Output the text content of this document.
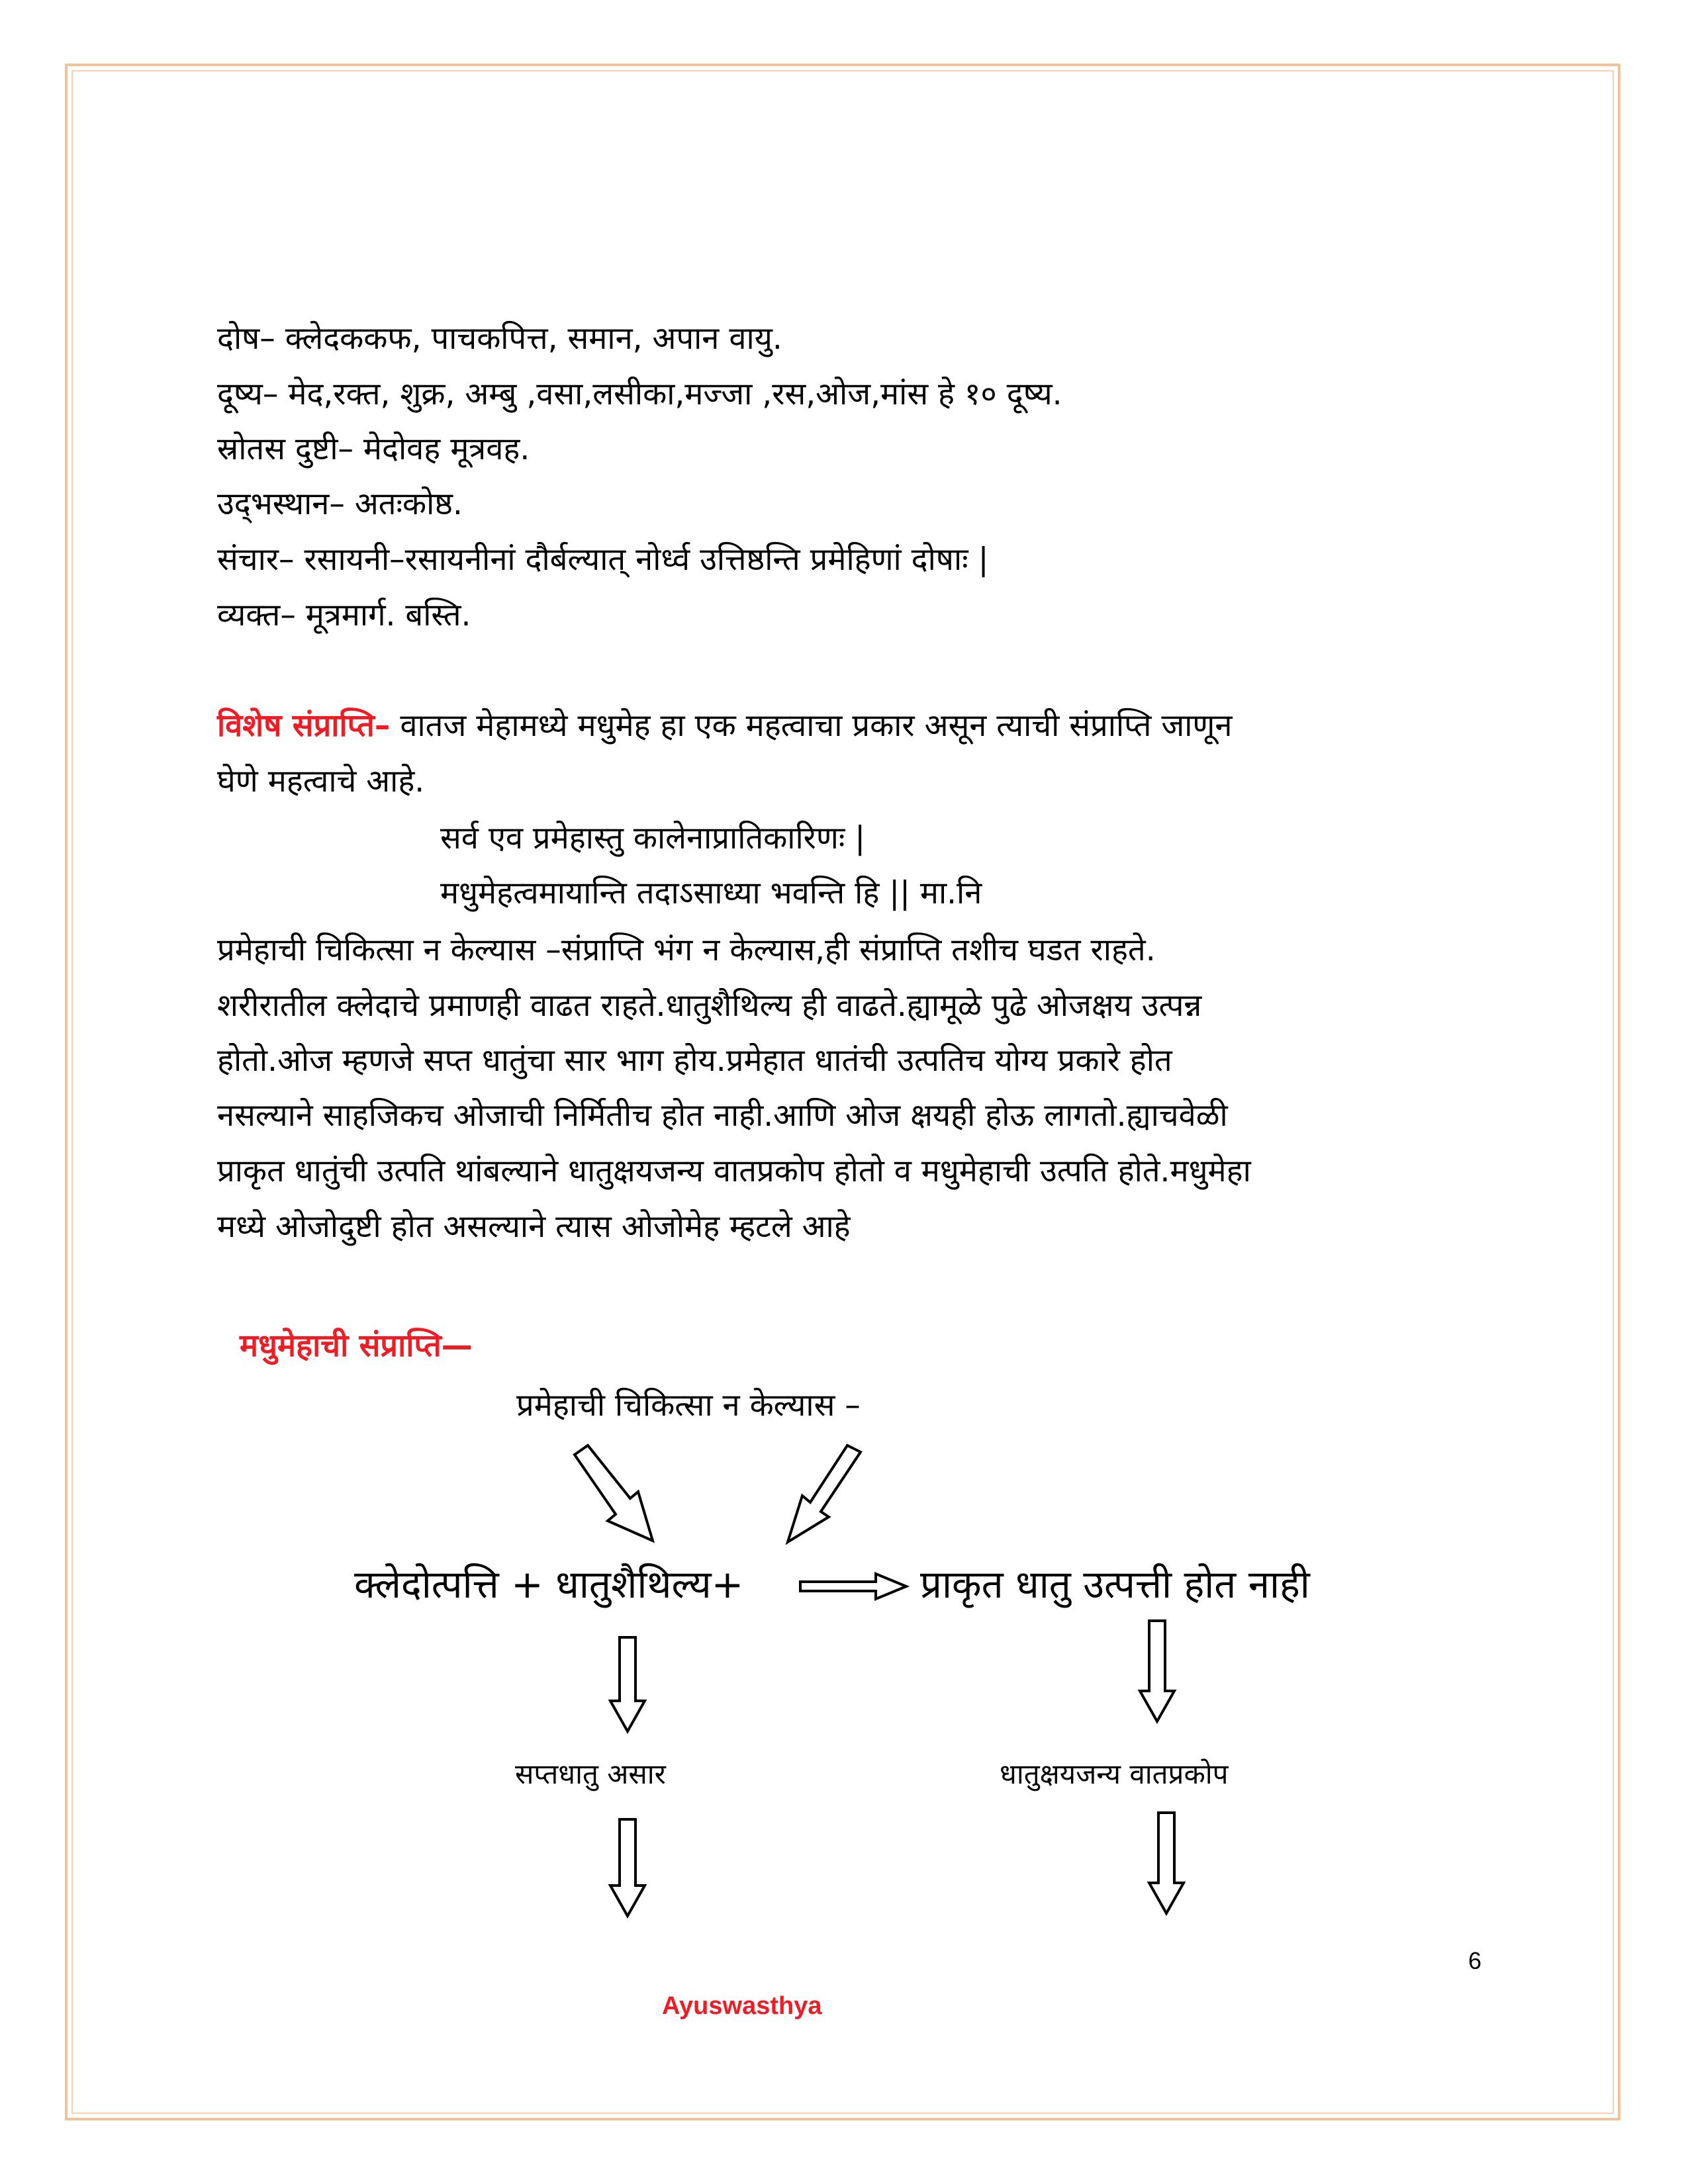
दोष– क्लेदककफ, पाचकपित्त, समान, अपान वायु.
दूष्य– मेद,रक्त, शुक्र, अम्बु ,वसा,लसीका,मज्जा ,रस,ओज,मांस हे १० दूष्य.
स्रोतस दुष्टी– मेदोवह मूत्रवह.
उद्‌भस्थान– अतःकोष्ठ.
संचार– रसायनी–रसायनीनां दौर्बल्यात् नोर्ध्व उत्तिष्ठन्ति प्रमेहिणां दोषाः |
व्यक्त– मूत्रमार्ग. बस्ति.
विशेष संप्राप्ति– वातज मेहामध्ये मधुमेह हा एक महत्वाचा प्रकार असून त्याची संप्राप्ति जाणून
घेणे महत्वाचे आहे.
सर्व एव प्रमेहास्तु कालेनाप्रातिकारिणः |
मधुमेहत्वमायान्ति तदाऽसाध्या भवन्ति हि || मा.नि
प्रमेहाची चिकित्सा न केल्यास –संप्राप्ति भंग न केल्यास,ही संप्राप्ति तशीच घडत राहते.
शरीरातील क्लेदाचे प्रमाणही वाढत राहते.धातुशैथिल्य ही वाढते.ह्यामूळे पुढे ओजक्षय उत्पन्न
होतो.ओज म्हणजे सप्त धातुंचा सार भाग होय.प्रमेहात धातंची उत्पतिच योग्य प्रकारे होत
नसल्याने साहजिकच ओजाची निर्मितीच होत नाही.आणि ओज क्षयही होऊ लागतो.ह्याचवेळी
प्राकृत धातुंची उत्पति थांबल्याने धातुक्षयजन्य वातप्रकोप होतो व मधुमेहाची उत्पति होते.मधुमेहा
मध्ये ओजोदुष्टी होत असल्याने त्यास ओजोमेह म्हटले आहे
मधुमेहाची संप्राप्ति—
प्रमेहाची चिकित्सा न केल्यास –
क्लेदोत्पत्ति + धातुशैथिल्य+	प्राकृत धातु उत्पत्ती होत नाही
सप्तधातु असार	धातुक्षयजन्य वातप्रकोप
6
Ayuswasthya
